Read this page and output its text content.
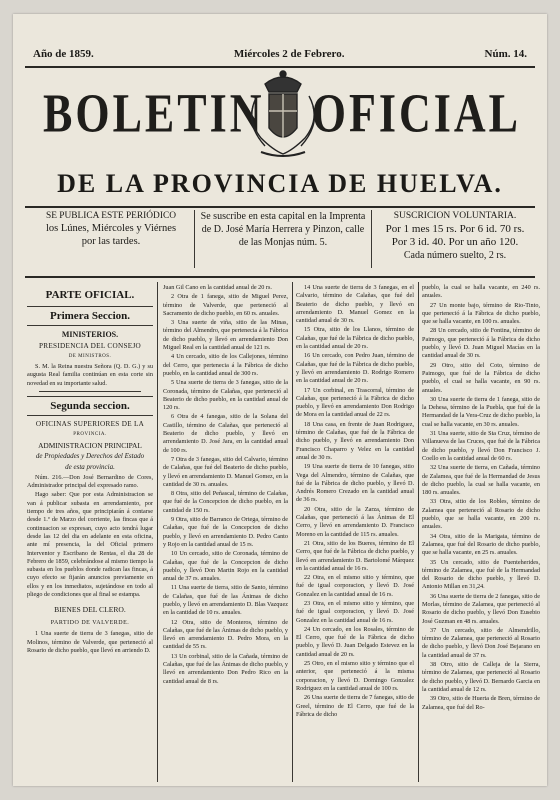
Año de 1859.	Miércoles 2 de Febrero.	Núm. 14.
BOLETIN OFICIAL
DE LA PROVINCIA DE HUELVA.
SE PUBLICA ESTE PERIÓDICO
los Lúnes, Miércoles y Viérnes
por las tardes.
Se suscribe en esta capital en la Imprenta
de D. José María Herrera y Pinzon, calle
de las Monjas núm. 5.
SUSCRICION VOLUNTARIA.
Por 1 mes 15 rs. Por 6 id. 70 rs.
Por 3 id. 40. Por un año 120.
Cada número suelto, 2 rs.
PARTE OFICIAL.
Primera Seccion.
MINISTERIOS.
PRESIDENCIA DEL CONSEJO
DE MINISTROS.

S. M. la Reina nuestra Señora (Q. D. G.) y su augusta Real familia continúan en esta corte sin novedad en su importante salud.

Segunda seccion.
OFICINAS SUPERIORES DE LA
PROVINCIA.
ADMINISTRACION PRINCIPAL
de Propiedades y Derechos del Estado
de esta provincia.

Núm. 216.—Don José Bernardino de Cores, Administrador principal del expresado ramo.

Hago saber: Que por esta Administracion se van á publicar subasta en arrendamiento, por tiempo de tres años, que principiarán á contarse desde 1.º de Marzo del corriente, las fincas que á continuacion se expresan, cuyo acto tendrá lugar desde las 12 del dia en adelante en esta oficina, ante mí presencia, la del Oficial primero Interventor y Escribano de Rentas, el dia 28 de Febrero de 1859, celebrándose al mismo tiempo la subasta en los pueblos donde radican las fincas, á cuyo efecto se fijarán anuncios previamente en ellos y en los inmediatos, sujetándose en todo al pliego de condiciones que al final se estampa.

BIENES DEL CLERO.
PARTIDO DE VALVERDE.

1 Una suerte de tierra de 3 fanegas, sitio de Molinos, término de Valverde, que perteneció al Rosario de dicho pueblo, que llevó en arriendo D.

Juan Gil Cano en la cantidad anual de 20 rs.

2 Otra de 1 fanega, sitio de Miguel Perez, término de Valverde, que perteneció al Sacramento de dicho pueblo, en 60 rs. anuales.

3 Una suerte de viña, sitio de las Minas, término del Almendro, que pertenecia á la Fábrica de dicho pueblo, y llevó en arrendamiento Don Miguel Real en la cantidad anual de 121 rs.

4 Un cercado, sitio de los Callejones, término del Cerro, que pertenecia á la Fábrica de dicho pueblo, en la cantidad anual de 300 rs.

5 Una suerte de tierra de 3 fanegas, sitio de la Coronada, término de Calañas, que perteneció al Beaterio de dicho pueblo, en la cantidad anual de 120 rs.

6 Otra de 4 fanegas, sitio de la Solana del Castillo, término de Calañas, que perteneció al Beaterio de dicho pueblo, y llevó en arrendamiento D. José Jara, en la cantidad anual de 100 rs.

7 Otra de 3 fanegas, sitio del Calvario, término de Calañas, que fué del Beaterio de dicho pueblo, y llevó en arrendamiento D. Manuel Gomez, en la cantidad de 30 rs. anuales.

8 Otra, sitio del Peñascal, término de Calañas, que fué de la Concepcion de dicho pueblo, en la cantidad de 150 rs.

9 Otra, sitio de Barranco de Ortega, término de Calañas, que fué de la Concepcion de dicho pueblo, y llevó en arrendamiento D. Pedro Canto y Rojo en la cantidad anual de 15 rs.

10 Un cercado, sitio de Coronada, término de Calañas, que fué de la Concepcion de dicho pueblo, y llevó Don Martin Rojo en la cantidad anual de 37 rs. anuales.

11 Una suerte de tierra, sitio de Santo, término de Calañas, que fué de las Ánimas de dicho pueblo, y llevó en arrendamiento D. Blas Vazquez en la cantidad de 10 rs. anuales.

12 Otra, sitio de Monteros, término de Calañas, que fué de las Ánimas de dicho pueblo, y llevó en arrendamiento D. Pedro Mora, en la cantidad de 55 rs.

13 Un corbinal, sitio de la Cañada, término de Calañas, que fué de las Ánimas de dicho pueblo, y llevó en arrendamiento Don Pedro Rico en la cantidad anual de 8 rs.

14 Una suerte de tierra de 3 fanegas, en el Calvario, término de Calañas, que fué del Beaterio de dicho pueblo, y llevó en arrendamiento D. Manuel Gomez en la cantidad anual de 30 rs.

15 Otra, sitio de los Llanos, término de Calañas, que fué de la Fábrica de dicho pueblo, en la cantidad anual de 20 rs.

16 Un cercado, con Pedro Juan, término de Calañas, que fué de la Fábrica de dicho pueblo, y llevó en arrendamiento D. Rodrigo Romero en la cantidad anual de 20 rs.

17 Un corbinal, en Trascorral, término de Calañas, que perteneció á la Fábrica de dicho pueblo, y llevó en arrendamiento Don Rodrigo de Mora en la cantidad anual de 22 rs.

18 Una casa, en frente de Juan Rodriguez, término de Calañas, que fué de la Fábrica de dicho pueblo, y llevó en arrendamiento Don Francisco Chaparro y Velez en la cantidad anual de 30 rs.

19 Una suerte de tierra de 10 fanegas, sitio Vega del Almendro, término de Calañas, que fué de la Fábrica de dicho pueblo, y llevó D. Andrés Romero Crezado en la cantidad anual de 36 rs.

20 Otra, sitio de la Zarza, término de Calañas, que perteneció á las Ánimas de El Cerro, y llevó en arrendamiento D. Francisco Moreno en la cantidad de 115 rs. anuales.

21 Otra, sitio de los Bueres, término de El Cerro, que fué de la Fábrica de dicho pueblo, y llevó en arrendamiento D. Bartolomé Márquez en la cantidad anual de 16 rs.

22 Otra, en el mismo sitio y término, que fué de igual corporacion, y llevó D. José Gonzalez en la cantidad anual de 16 rs.

23 Otra, en el mismo sitio y término, que fué de igual corporacion, y llevó D. José Gonzalez en la cantidad anual de 16 rs.

24 Un cercado, en los Rosales, término de El Cerro, que fué de la Fábrica de dicho pueblo, y llevó D. Juan Delgado Estevez en la cantidad anual de 20 rs.

25 Otro, en el mismo sitio y término que el anterior, que perteneció á la misma corporacion, y llevó D. Domingo Gonzalez Rodriguez en la cantidad anual de 100 rs.

26 Una suerte de tierra de 7 fanegas, sitio de Greel, término de El Cerro, que fué de la Fábrica de dicho

pueblo, la cual se halla vacante, en 240 rs. anuales.

27 Un monte bajo, término de Rio-Tinto, que perteneció á la Fábrica de dicho pueblo, que se halla vacante, en 100 rs. anuales.

28 Un cercado, sitio de Fontina, término de Paimogo, que perteneció á la Fábrica de dicho pueblo, y llevó D. Juan Miguel Macías en la cantidad anual de 30 rs.

29 Otro, sitio del Coto, término de Paimogo, que fué de la Fábrica de dicho pueblo, el cual se halla vacante, en 90 rs. anuales.

30 Una suerte de tierra de 1 fanega, sitio de la Dehesa, término de la Puebla, que fué de la Hermandad de la Vera-Cruz de dicho pueblo, la cual se halla vacante, en 30 rs. anuales.

31 Una suerte, sitio de Sta Cruz, término de Villanueva de las Cruces, que fué de la Fábrica de dicho pueblo, y llevó Don Francisco J. Coello en la cantidad anual de 60 rs.

32 Una suerte de tierra, en Cañada, término de Zalamea, que fué de la Hermandad de Jesus de dicho pueblo, la cual se halla vacante, en 180 rs. anuales.

33 Otra, sitio de los Robles, término de Zalamea que perteneció al Rosario de dicho pueblo, que se halla vacante, en 200 rs. anuales.

34 Otra, sitio de la Marigata, término de Zalamea, que fué del Rosario de dicho pueblo, que se halla vacante, en 25 rs. anuales.

35 Un cercado, sitio de Fuenteherides, término de Zalamea, que fué de la Hermandad del Rosario de dicho pueblo, y llevó D. Antonio Millan en 31,24.

36 Una suerte de tierra de 2 fanegas, sitio de Morlas, término de Zalamea, que perteneció al Rosario de dicho pueblo, y llevó Don Eusebio José Guzman en 48 rs. anuales.

37 Un cercado, sitio de Almendrillo, término de Zalamea, que perteneció al Rosario de dicho pueblo, y llevó Don José Bejarano en la cantidad anual de 37 rs.

38 Otro, sitio de Calleja de la Sierra, término de Zalamea, que perteneció al Rosario de dicho pueblo, y llevó D. Bernardo Garcia en la cantidad anual de 12 rs.

39 Otro, sitio de Huerta de Bren, término de Zalamea, que fué del Ro-
